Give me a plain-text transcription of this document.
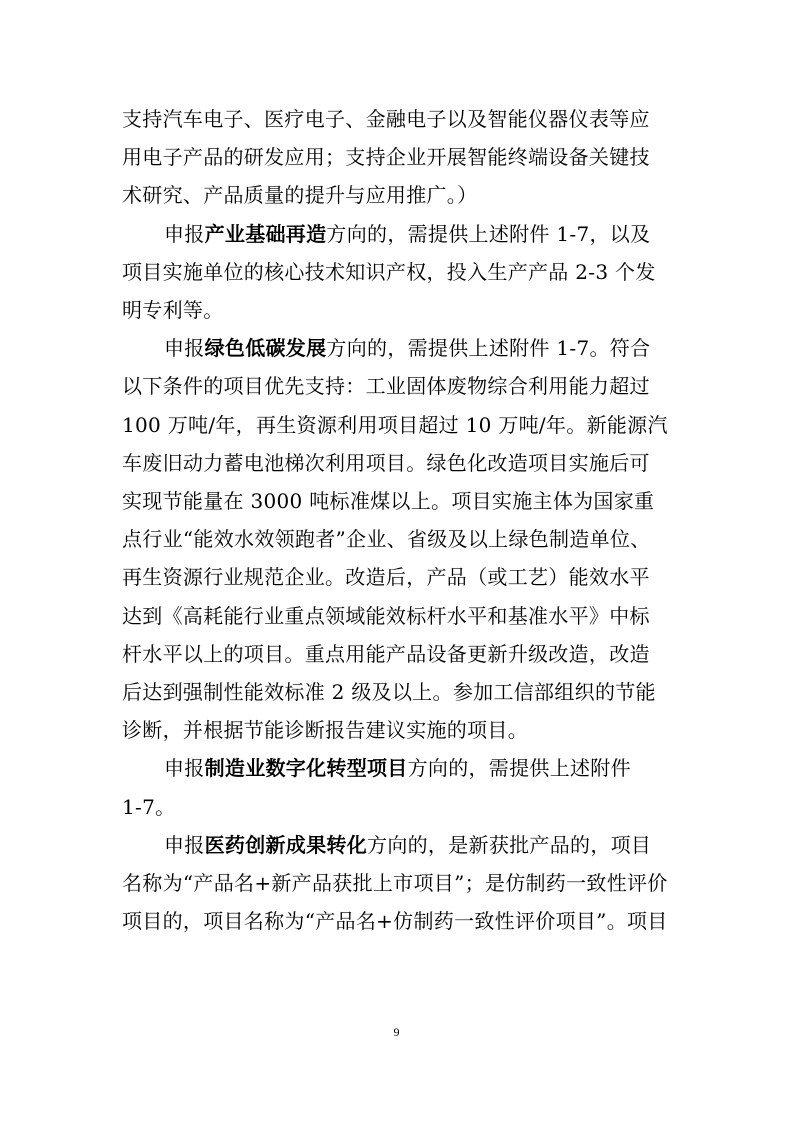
支持汽车电子、医疗电子、金融电子以及智能仪器仪表等应
用电子产品的研发应用；支持企业开展智能终端设备关键技
术研究、产品质量的提升与应用推广。）

申报产业基础再造方向的，需提供上述附件 1-7，以及
项目实施单位的核心技术知识产权，投入生产产品 2-3 个发
明专利等。

申报绿色低碳发展方向的，需提供上述附件 1-7。符合
以下条件的项目优先支持：工业固体废物综合利用能力超过
100 万吨/年，再生资源利用项目超过 10 万吨/年。新能源汽
车废旧动力蓄电池梯次利用项目。绿色化改造项目实施后可
实现节能量在 3000 吨标准煤以上。项目实施主体为国家重
点行业“能效水效领跑者”企业、省级及以上绿色制造单位、
再生资源行业规范企业。改造后，产品（或工艺）能效水平
达到《高耗能行业重点领域能效标杆水平和基准水平》中标
杆水平以上的项目。重点用能产品设备更新升级改造，改造
后达到强制性能效标准 2 级及以上。参加工信部组织的节能
诊断，并根据节能诊断报告建议实施的项目。

申报制造业数字化转型项目方向的，需提供上述附件
1-7。

申报医药创新成果转化方向的，是新获批产品的，项目
名称为“产品名+新产品获批上市项目”；是仿制药一致性评价
项目的，项目名称为“产品名+仿制药一致性评价项目”。项目

9
